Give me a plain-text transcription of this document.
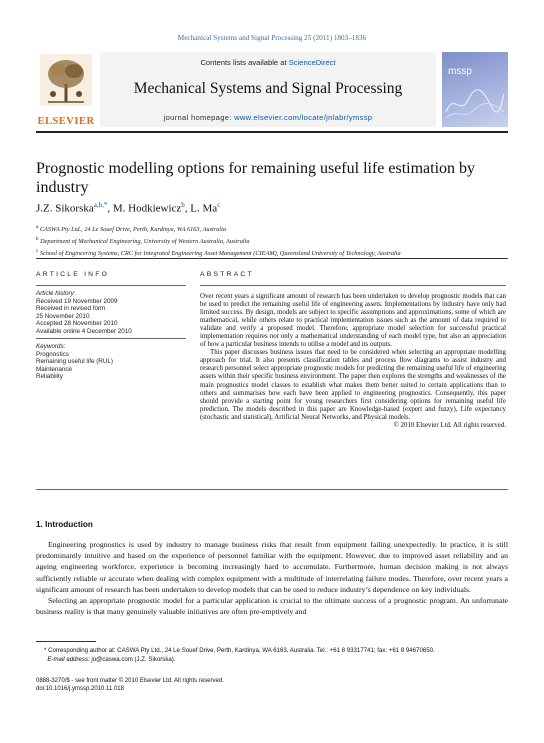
Mechanical Systems and Signal Processing 25 (2011) 1803–1836
ELSEVIER
Contents lists available at ScienceDirect
Mechanical Systems and Signal Processing
journal homepage: www.elsevier.com/locate/jnlabr/ymssp
mssp
Prognostic modelling options for remaining useful life estimation by industry
J.Z. Sikorska$^{a,b,*}$, M. Hodkiewicz$^b$, L. Ma$^c$
$^a$ CASWA Pty Ltd., 24 Le Souef Drive, Perth, Kardinya, WA 6163, Australia
$^b$ Department of Mechanical Engineering, University of Western Australia, Australia
$^c$ School of Engineering Systems, CRC for Integrated Engineering Asset Management (CIEAM), Queensland University of Technology, Australia
ARTICLE INFO	ABSTRACT
Article history:
Received 19 November 2009
Received in revised form
25 November 2010
Accepted 28 November 2010
Available online 4 December 2010
Keywords:
Prognostics
Remaining useful life (RUL)
Maintenance
Reliability

Over recent years a significant amount of research has been undertaken to develop prognostic models that can be used to predict the remaining useful life of engineering assets. Implementations by industry have only had limited success. By design, models are subject to specific assumptions and approximations, some of which are mathematical, while others relate to practical implementation issues such as the amount of data required to validate and verify a proposed model. Therefore, appropriate model selection for successful practical implementation requires not only a mathematical understanding of each model type, but also an appreciation of how a particular business intends to utilise a model and its outputs.

This paper discusses business issues that need to be considered when selecting an appropriate modelling approach for trial. It also presents classification tables and process flow diagrams to assist industry and research personnel select appropriate prognostic models for predicting the remaining useful life of engineering assets within their specific business environment. The paper then explores the strengths and weaknesses of the main prognostics model classes to establish what makes them better suited to certain applications than to others and summarises how each have been applied to engineering prognostics. Consequently, this paper should provide a starting point for young researchers first considering options for remaining useful life prediction. The models described in this paper are Knowledge-based (expert and fuzzy), Life expectancy (stochastic and statistical), Artificial Neural Networks, and Physical models.

© 2010 Elsevier Ltd. All rights reserved.
1. Introduction

Engineering prognostics is used by industry to manage business risks that result from equipment failing unexpectedly. In practice, it is still predominantly intuitive and based on the experience of personnel familiar with the equipment. However, due to improved asset reliability and an ageing engineering workforce, experience is becoming increasingly hard to accumulate. Furthermore, human decision making is not always sufficiently reliable or accurate when dealing with complex equipment with a multitude of interrelating failure modes. Therefore, over recent years a significant amount of research has been undertaken to develop models that can be used to reduce industry’s dependence on key individuals.

Selecting an appropriate prognostic model for a particular application is crucial to the ultimate success of a prognostic program. An unfortunate business reality is that many genuinely valuable initiatives are often pre-emptively and

* Corresponding author at: CASWA Pty Ltd., 24 Le Souef Drive, Perth, Kardinya, WA 6163, Australia. Tel.: +61 8 93317741; fax: +61 8 94670650.
E-mail address: jo@caswa.com (J.Z. Sikorska).
0888-3270/$ - see front matter © 2010 Elsevier Ltd. All rights reserved.
doi:10.1016/j.ymssp.2010.11.018
